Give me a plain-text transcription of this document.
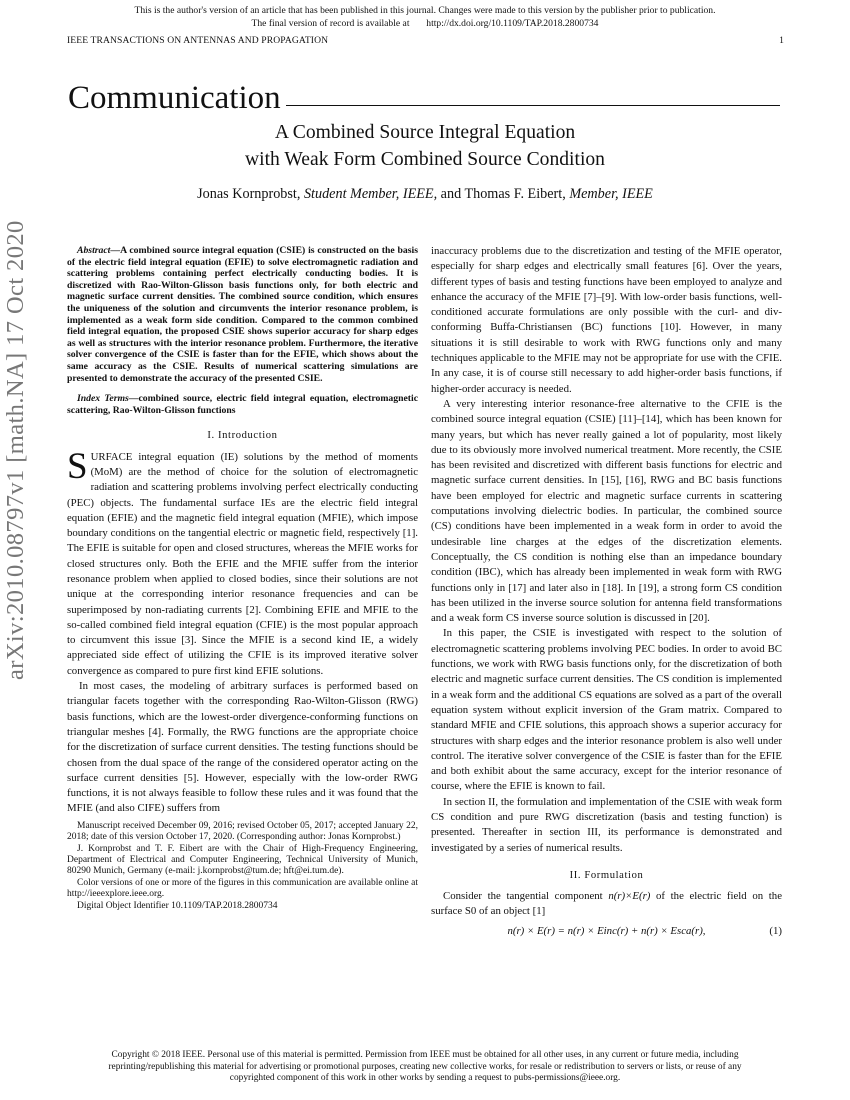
This is the author's version of an article that has been published in this journal. Changes were made to this version by the publisher prior to publication.
The final version of record is available at       http://dx.doi.org/10.1109/TAP.2018.2800734
IEEE TRANSACTIONS ON ANTENNAS AND PROPAGATION	1
Communication
A Combined Source Integral Equation
with Weak Form Combined Source Condition
Jonas Kornprobst, Student Member, IEEE, and Thomas F. Eibert, Member, IEEE
arXiv:2010.08797v1 [math.NA] 17 Oct 2020	Abstract—A combined source integral equation (CSIE) is constructed on the basis of the electric field integral equation (EFIE) to solve electromagnetic radiation and scattering problems containing perfect electrically conducting bodies. It is discretized with Rao-Wilton-Glisson basis functions only, for both electric and magnetic surface current densities. The combined source condition, which ensures the uniqueness of the solution and circumvents the interior resonance problem, is implemented as a weak form side condition. Compared to the common combined field integral equation, the proposed CSIE shows superior accuracy for sharp edges as well as structures with the interior resonance problem. Furthermore, the iterative solver convergence of the CSIE is faster than for the EFIE, which shows about the same accuracy as the CSIE. Results of numerical scattering simulations are presented to demonstrate the accuracy of the presented CSIE.

Index Terms—combined source, electric field integral equation, electromagnetic scattering, Rao-Wilton-Glisson functions

I. Introduction

SURFACE integral equation (IE) solutions by the method of moments (MoM) are the method of choice for the solution of electromagnetic radiation and scattering problems involving perfect electrically conducting (PEC) objects. The fundamental surface IEs are the electric field integral equation (EFIE) and the magnetic field integral equation (MFIE), which impose boundary conditions on the tangential electric or magnetic field, respectively [1]. The EFIE is suitable for open and closed structures, whereas the MFIE works for closed structures only. Both the EFIE and the MFIE suffer from the interior resonance problem when applied to closed bodies, since their solutions are not unique at the corresponding interior resonance frequencies and can be superimposed by non-radiating currents [2]. Combining EFIE and MFIE to the so-called combined field integral equation (CFIE) is the most popular approach to circumvent this issue [3]. Since the MFIE is a second kind IE, a widely appreciated side effect of utilizing the CFIE is its improved iterative solver convergence as compared to pure first kind EFIE solutions.

In most cases, the modeling of arbitrary surfaces is performed based on triangular facets together with the corresponding Rao-Wilton-Glisson (RWG) basis functions, which are the lowest-order divergence-conforming functions on triangular meshes [4]. Formally, the RWG functions are the appropriate choice for the discretization of surface current densities. The testing functions should be chosen from the dual space of the range of the considered operator acting on the surface current densities [5]. However, especially with the low-order RWG functions, it is not always feasible to follow these rules and it was found that the MFIE (and also CIFE) suffers from

Manuscript received December 09, 2016; revised October 05, 2017; accepted January 22, 2018; date of this version October 17, 2020. (Corresponding author: Jonas Kornprobst.)

J. Kornprobst and T. F. Eibert are with the Chair of High-Frequency Engineering, Department of Electrical and Computer Engineering, Technical University of Munich, 80290 Munich, Germany (e-mail: j.kornprobst@tum.de; hft@ei.tum.de).

Color versions of one or more of the figures in this communication are available online at http://ieeexplore.ieee.org.

Digital Object Identifier 10.1109/TAP.2018.2800734

inaccuracy problems due to the discretization and testing of the MFIE operator, especially for sharp edges and electrically small features [6]. Over the years, different types of basis and testing functions have been employed to analyze and enhance the accuracy of the MFIE [7]–[9]. With low-order basis functions, well-conditioned accurate formulations are only possible with the curl- and div-conforming Buffa-Christiansen (BC) functions [10]. However, in many situations it is still desirable to work with RWG functions only and many techniques applicable to the MFIE may not be appropriate for use with the CFIE. In any case, it is of course still necessary to add higher-order basis functions, if higher-order accuracy is needed.

A very interesting interior resonance-free alternative to the CFIE is the combined source integral equation (CSIE) [11]–[14], which has been known for many years, but which has never really gained a lot of popularity, most likely due to its obviously more involved numerical treatment. More recently, the CSIE has been revisited and discretized with different basis functions for electric and magnetic surface current densities. In [15], [16], RWG and BC basis functions have been employed for electric and magnetic surface currents in scattering computations involving dielectric bodies. In particular, the combined source (CS) conditions have been implemented in a weak form in order to avoid the undesirable line charges at the edges of the discretization elements. Conceptually, the CS condition is nothing else than an impedance boundary condition (IBC), which has already been implemented in weak form with RWG functions only in [17] and later also in [18]. In [19], a strong form CS condition has been utilized in the inverse source solution for antenna field transformations and a weak form CS inverse source solution is discussed in [20].

In this paper, the CSIE is investigated with respect to the solution of electromagnetic scattering problems involving PEC bodies. In order to avoid BC functions, we work with RWG basis functions only, for the discretization of both electric and magnetic surface current densities. The CS condition is implemented in a weak form and the additional CS equations are solved as a part of the overall equation system without explicit inversion of the Gram matrix. Compared to standard MFIE and CFIE solutions, this approach shows a superior accuracy for structures with sharp edges and the interior resonance problem is also well under control. The iterative solver convergence of the CSIE is faster than for the EFIE and both exhibit about the same accuracy, except for the interior resonance of course, where the EFIE is known to fail.

In section II, the formulation and implementation of the CSIE with weak form CS condition and pure RWG discretization (basis and testing function) is presented. Thereafter in section III, its performance is demonstrated and investigated by a series of numerical results.

II. Formulation

Consider the tangential component n(r)×E(r) of the electric field on the surface S0 of an object [1]

n(r) × E(r) = n(r) × Einc(r) + n(r) × Esca(r),	(1)
Copyright © 2018 IEEE. Personal use of this material is permitted. Permission from IEEE must be obtained for all other uses, in any current or future media, including reprinting/republishing this material for advertising or promotional purposes, creating new collective works, for resale or redistribution to servers or lists, or reuse of any copyrighted component of this work in other works by sending a request to pubs-permissions@ieee.org.
